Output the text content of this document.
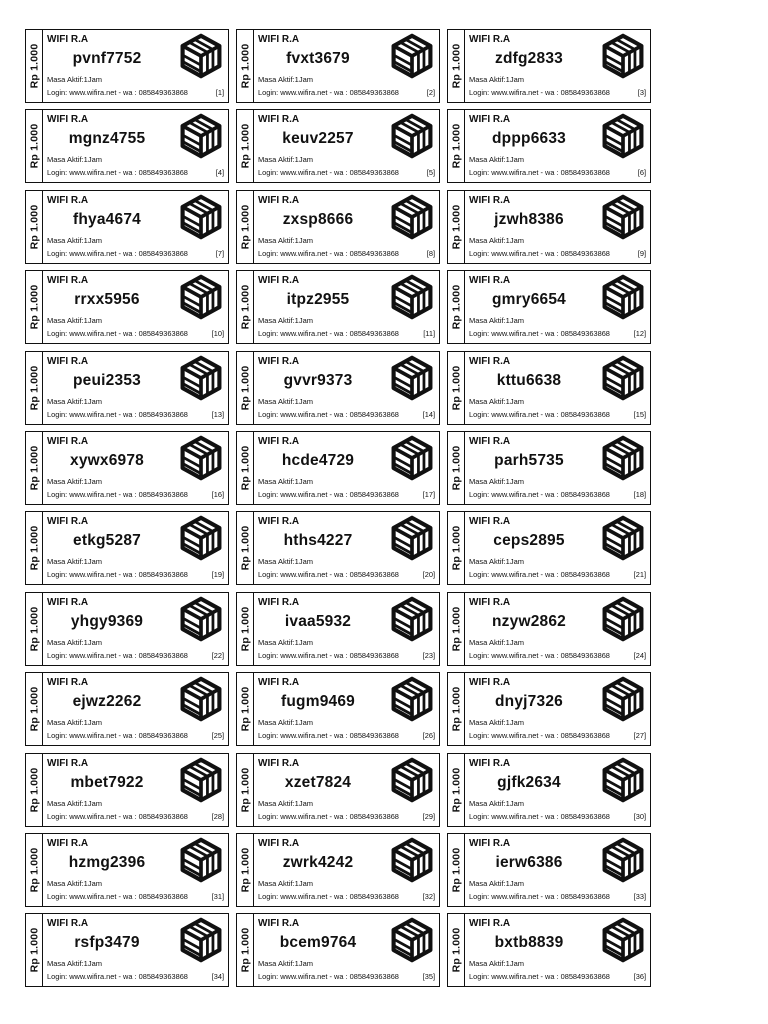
Rp 1.000
WIFI R.A
pvnf7752
Masa Aktif:1Jam
Login: www.wifira.net - wa : 085849363868	[1]
Rp 1.000
WIFI R.A
fvxt3679
Masa Aktif:1Jam
Login: www.wifira.net - wa : 085849363868	[2]
Rp 1.000
WIFI R.A
zdfg2833
Masa Aktif:1Jam
Login: www.wifira.net - wa : 085849363868	[3]
Rp 1.000
WIFI R.A
mgnz4755
Masa Aktif:1Jam
Login: www.wifira.net - wa : 085849363868	[4]
Rp 1.000
WIFI R.A
keuv2257
Masa Aktif:1Jam
Login: www.wifira.net - wa : 085849363868	[5]
Rp 1.000
WIFI R.A
dppp6633
Masa Aktif:1Jam
Login: www.wifira.net - wa : 085849363868	[6]
Rp 1.000
WIFI R.A
fhya4674
Masa Aktif:1Jam
Login: www.wifira.net - wa : 085849363868	[7]
Rp 1.000
WIFI R.A
zxsp8666
Masa Aktif:1Jam
Login: www.wifira.net - wa : 085849363868	[8]
Rp 1.000
WIFI R.A
jzwh8386
Masa Aktif:1Jam
Login: www.wifira.net - wa : 085849363868	[9]
Rp 1.000
WIFI R.A
rrxx5956
Masa Aktif:1Jam
Login: www.wifira.net - wa : 085849363868	[10]
Rp 1.000
WIFI R.A
itpz2955
Masa Aktif:1Jam
Login: www.wifira.net - wa : 085849363868	[11]
Rp 1.000
WIFI R.A
gmry6654
Masa Aktif:1Jam
Login: www.wifira.net - wa : 085849363868	[12]
Rp 1.000
WIFI R.A
peui2353
Masa Aktif:1Jam
Login: www.wifira.net - wa : 085849363868	[13]
Rp 1.000
WIFI R.A
gvvr9373
Masa Aktif:1Jam
Login: www.wifira.net - wa : 085849363868	[14]
Rp 1.000
WIFI R.A
kttu6638
Masa Aktif:1Jam
Login: www.wifira.net - wa : 085849363868	[15]
Rp 1.000
WIFI R.A
xywx6978
Masa Aktif:1Jam
Login: www.wifira.net - wa : 085849363868	[16]
Rp 1.000
WIFI R.A
hcde4729
Masa Aktif:1Jam
Login: www.wifira.net - wa : 085849363868	[17]
Rp 1.000
WIFI R.A
parh5735
Masa Aktif:1Jam
Login: www.wifira.net - wa : 085849363868	[18]
Rp 1.000
WIFI R.A
etkg5287
Masa Aktif:1Jam
Login: www.wifira.net - wa : 085849363868	[19]
Rp 1.000
WIFI R.A
hths4227
Masa Aktif:1Jam
Login: www.wifira.net - wa : 085849363868	[20]
Rp 1.000
WIFI R.A
ceps2895
Masa Aktif:1Jam
Login: www.wifira.net - wa : 085849363868	[21]
Rp 1.000
WIFI R.A
yhgy9369
Masa Aktif:1Jam
Login: www.wifira.net - wa : 085849363868	[22]
Rp 1.000
WIFI R.A
ivaa5932
Masa Aktif:1Jam
Login: www.wifira.net - wa : 085849363868	[23]
Rp 1.000
WIFI R.A
nzyw2862
Masa Aktif:1Jam
Login: www.wifira.net - wa : 085849363868	[24]
Rp 1.000
WIFI R.A
ejwz2262
Masa Aktif:1Jam
Login: www.wifira.net - wa : 085849363868	[25]
Rp 1.000
WIFI R.A
fugm9469
Masa Aktif:1Jam
Login: www.wifira.net - wa : 085849363868	[26]
Rp 1.000
WIFI R.A
dnyj7326
Masa Aktif:1Jam
Login: www.wifira.net - wa : 085849363868	[27]
Rp 1.000
WIFI R.A
mbet7922
Masa Aktif:1Jam
Login: www.wifira.net - wa : 085849363868	[28]
Rp 1.000
WIFI R.A
xzet7824
Masa Aktif:1Jam
Login: www.wifira.net - wa : 085849363868	[29]
Rp 1.000
WIFI R.A
gjfk2634
Masa Aktif:1Jam
Login: www.wifira.net - wa : 085849363868	[30]
Rp 1.000
WIFI R.A
hzmg2396
Masa Aktif:1Jam
Login: www.wifira.net - wa : 085849363868	[31]
Rp 1.000
WIFI R.A
zwrk4242
Masa Aktif:1Jam
Login: www.wifira.net - wa : 085849363868	[32]
Rp 1.000
WIFI R.A
ierw6386
Masa Aktif:1Jam
Login: www.wifira.net - wa : 085849363868	[33]
Rp 1.000
WIFI R.A
rsfp3479
Masa Aktif:1Jam
Login: www.wifira.net - wa : 085849363868	[34]
Rp 1.000
WIFI R.A
bcem9764
Masa Aktif:1Jam
Login: www.wifira.net - wa : 085849363868	[35]
Rp 1.000
WIFI R.A
bxtb8839
Masa Aktif:1Jam
Login: www.wifira.net - wa : 085849363868	[36]
